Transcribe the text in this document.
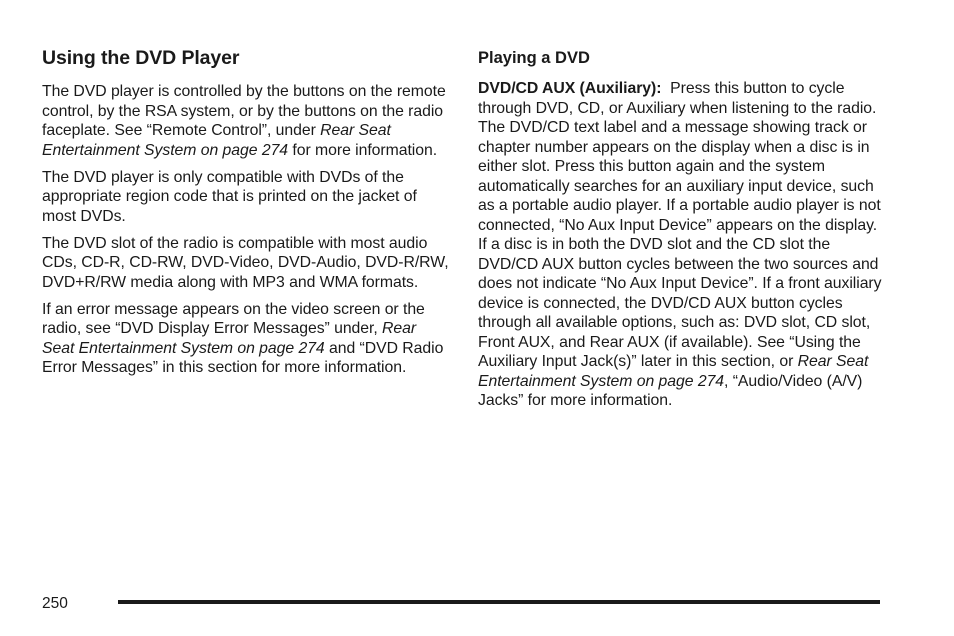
Using the DVD Player

The DVD player is controlled by the buttons on the remote control, by the RSA system, or by the buttons on the radio faceplate. See “Remote Control”, under Rear Seat Entertainment System on page 274 for more information.

The DVD player is only compatible with DVDs of the appropriate region code that is printed on the jacket of most DVDs.

The DVD slot of the radio is compatible with most audio CDs, CD-R, CD-RW, DVD-Video, DVD-Audio, DVD-R/RW, DVD+R/RW media along with MP3 and WMA formats.

If an error message appears on the video screen or the radio, see “DVD Display Error Messages” under, Rear Seat Entertainment System on page 274 and “DVD Radio Error Messages” in this section for more information.

Playing a DVD

DVD/CD AUX (Auxiliary):  Press this button to cycle through DVD, CD, or Auxiliary when listening to the radio. The DVD/CD text label and a message showing track or chapter number appears on the display when a disc is in either slot. Press this button again and the system automatically searches for an auxiliary input device, such as a portable audio player. If a portable audio player is not connected, “No Aux Input Device” appears on the display. If a disc is in both the DVD slot and the CD slot the DVD/CD AUX button cycles between the two sources and does not indicate “No Aux Input Device”. If a front auxiliary device is connected, the DVD/CD AUX button cycles through all available options, such as: DVD slot, CD slot, Front AUX, and Rear AUX (if available). See “Using the Auxiliary Input Jack(s)” later in this section, or Rear Seat Entertainment System on page 274, “Audio/Video (A/V) Jacks” for more information.

250
